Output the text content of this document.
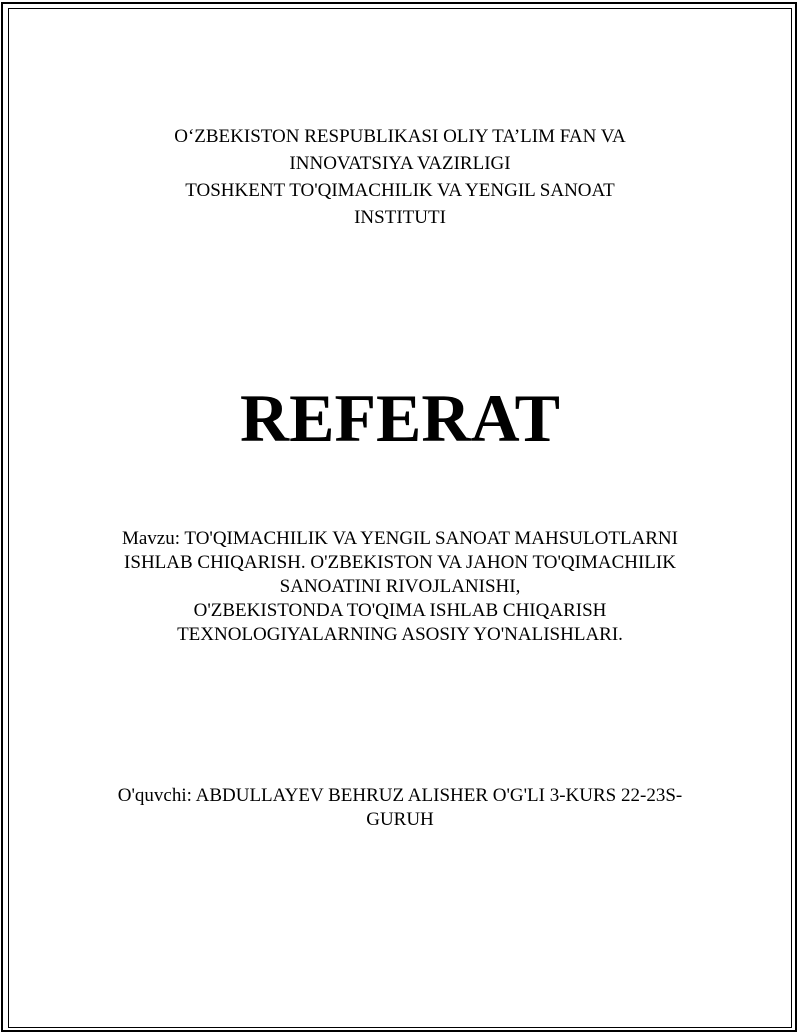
O‘ZBEKISTON RESPUBLIKASI OLIY TA’LIM FAN VA
INNOVATSIYA VAZIRLIGI
TOSHKENT TO'QIMACHILIK VA YENGIL SANOAT
INSTITUTI
REFERAT
Mavzu: TO'QIMACHILIK VA YENGIL SANOAT MAHSULOTLARNI
ISHLAB CHIQARISH. O'ZBEKISTON VA JAHON TO'QIMACHILIK
SANOATINI RIVOJLANISHI,
O'ZBEKISTONDA TO'QIMA ISHLAB CHIQARISH
TEXNOLOGIYALARNING ASOSIY YO'NALISHLARI.
O'quvchi: ABDULLAYEV BEHRUZ ALISHER O'G'LI 3-KURS 22-23S-
GURUH
